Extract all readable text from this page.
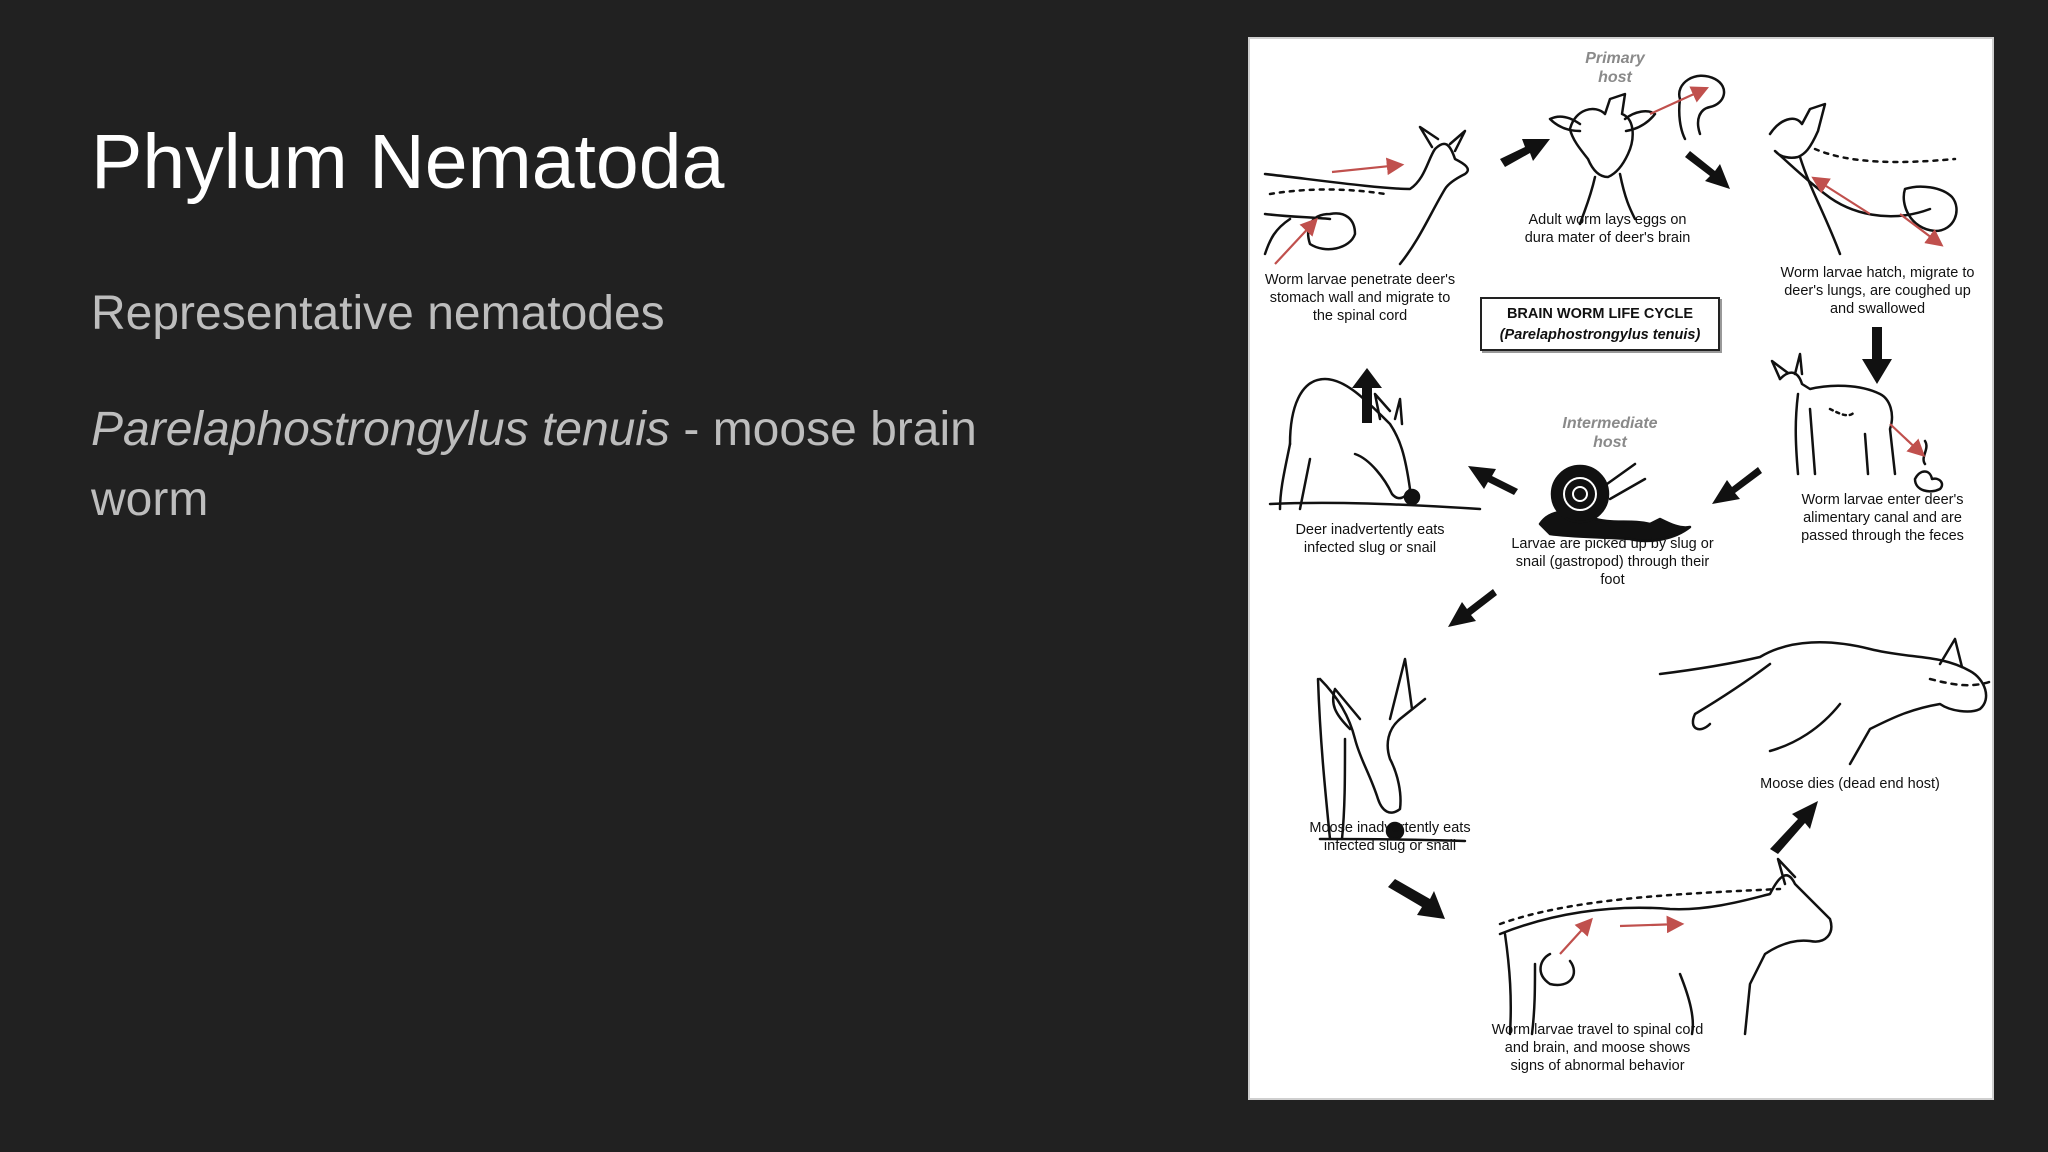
Phylum Nematoda

Representative nematodes

Parelaphostrongylus tenuis - moose brain worm

Primary host
Intermediate host
BRAIN WORM LIFE CYCLE
(Parelaphostrongylus tenuis)
Adult worm lays eggs on dura mater of deer's brain
Worm larvae hatch, migrate to deer's lungs, are coughed up and swallowed
Worm larvae penetrate deer's stomach wall and migrate to the spinal cord
Worm larvae enter deer's alimentary canal and are passed through the feces
Deer inadvertently eats infected slug or snail	Larvae are picked up by slug or snail (gastropod) through their foot
Moose inadvertently eats infected slug or snail
Moose dies (dead end host)
Worm larvae travel to spinal cord and brain, and moose shows signs of abnormal behavior
